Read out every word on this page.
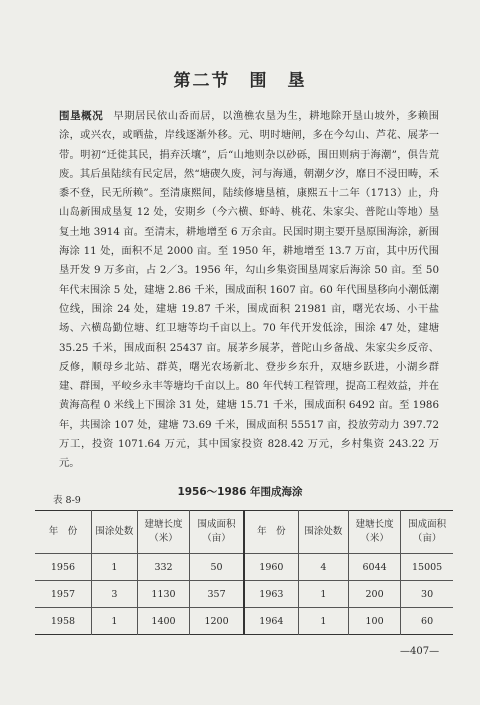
第二节　围　垦

围垦概况 早期居民依山岙而居，以渔樵农垦为生，耕地除开垦山坡外，多赖围涂，或兴农，或晒盐，岸线逐渐外移。元、明时塘闸，多在今勾山、芦花、展茅一带。明初“迁徙其民，捐弃沃壤”，后“山地则杂以砂砾，围田则病于海潮”，俱告荒废。其后虽陆续有民定居，然“塘碶久废，河与海通，朝潮夕汐，靡日不浸田畴，禾黍不登，民无所赖”。至清康熙间，陆续修塘垦植，康熙五十二年（1713）止，舟山岛新围成垦复 12 处，安期乡（今六横、虾峙、桃花、朱家尖、普陀山等地）垦复土地 3914 亩。至清末，耕地增至 6 万余亩。民国时期主要开垦原围海涂，新围海涂 11 处，面积不足 2000 亩。至 1950 年，耕地增至 13.7 万亩，其中历代围垦开发 9 万多亩，占 2／3。1956 年，勾山乡集资围垦周家后海涂 50 亩。至 50 年代末围涂 5 处，建塘 2.86 千米，围成面积 1607 亩。60 年代围垦移向小潮低潮位线，围涂 24 处，建塘 19.87 千米，围成面积 21981 亩，曙光农场、小干盐场、六横岛勤位塘、红卫塘等均千亩以上。70 年代开发低涂，围涂 47 处，建塘 35.25 千米，围成面积 25437 亩。展茅乡展茅，普陀山乡备战、朱家尖乡反帝、反修，顺母乡北站、群英，曙光农场新北、登步乡东升，双塘乡跃进，小湖乡群建、群围，平峧乡永丰等塘均千亩以上。80 年代转工程管理，提高工程效益，并在黄海高程 0 米线上下围涂 31 处，建塘 15.71 千米，围成面积 6492 亩。至 1986 年，共围涂 107 处，建塘 73.69 千米，围成面积 55517 亩，投放劳动力 397.72 万工，投资 1071.64 万元，其中国家投资 828.42 万元，乡村集资 243.22 万元。

1956～1986 年围成海涂
表 8-9
年　份	围涂处数	建塘长度（米）	围成面积（亩）	年　份	围涂处数	建塘长度（米）	围成面积（亩）
1956	1	332	50	1960	4	6044	15005
1957	3	1130	357	1963	1	200	30
1958	1	1400	1200	1964	1	100	60
—407—
